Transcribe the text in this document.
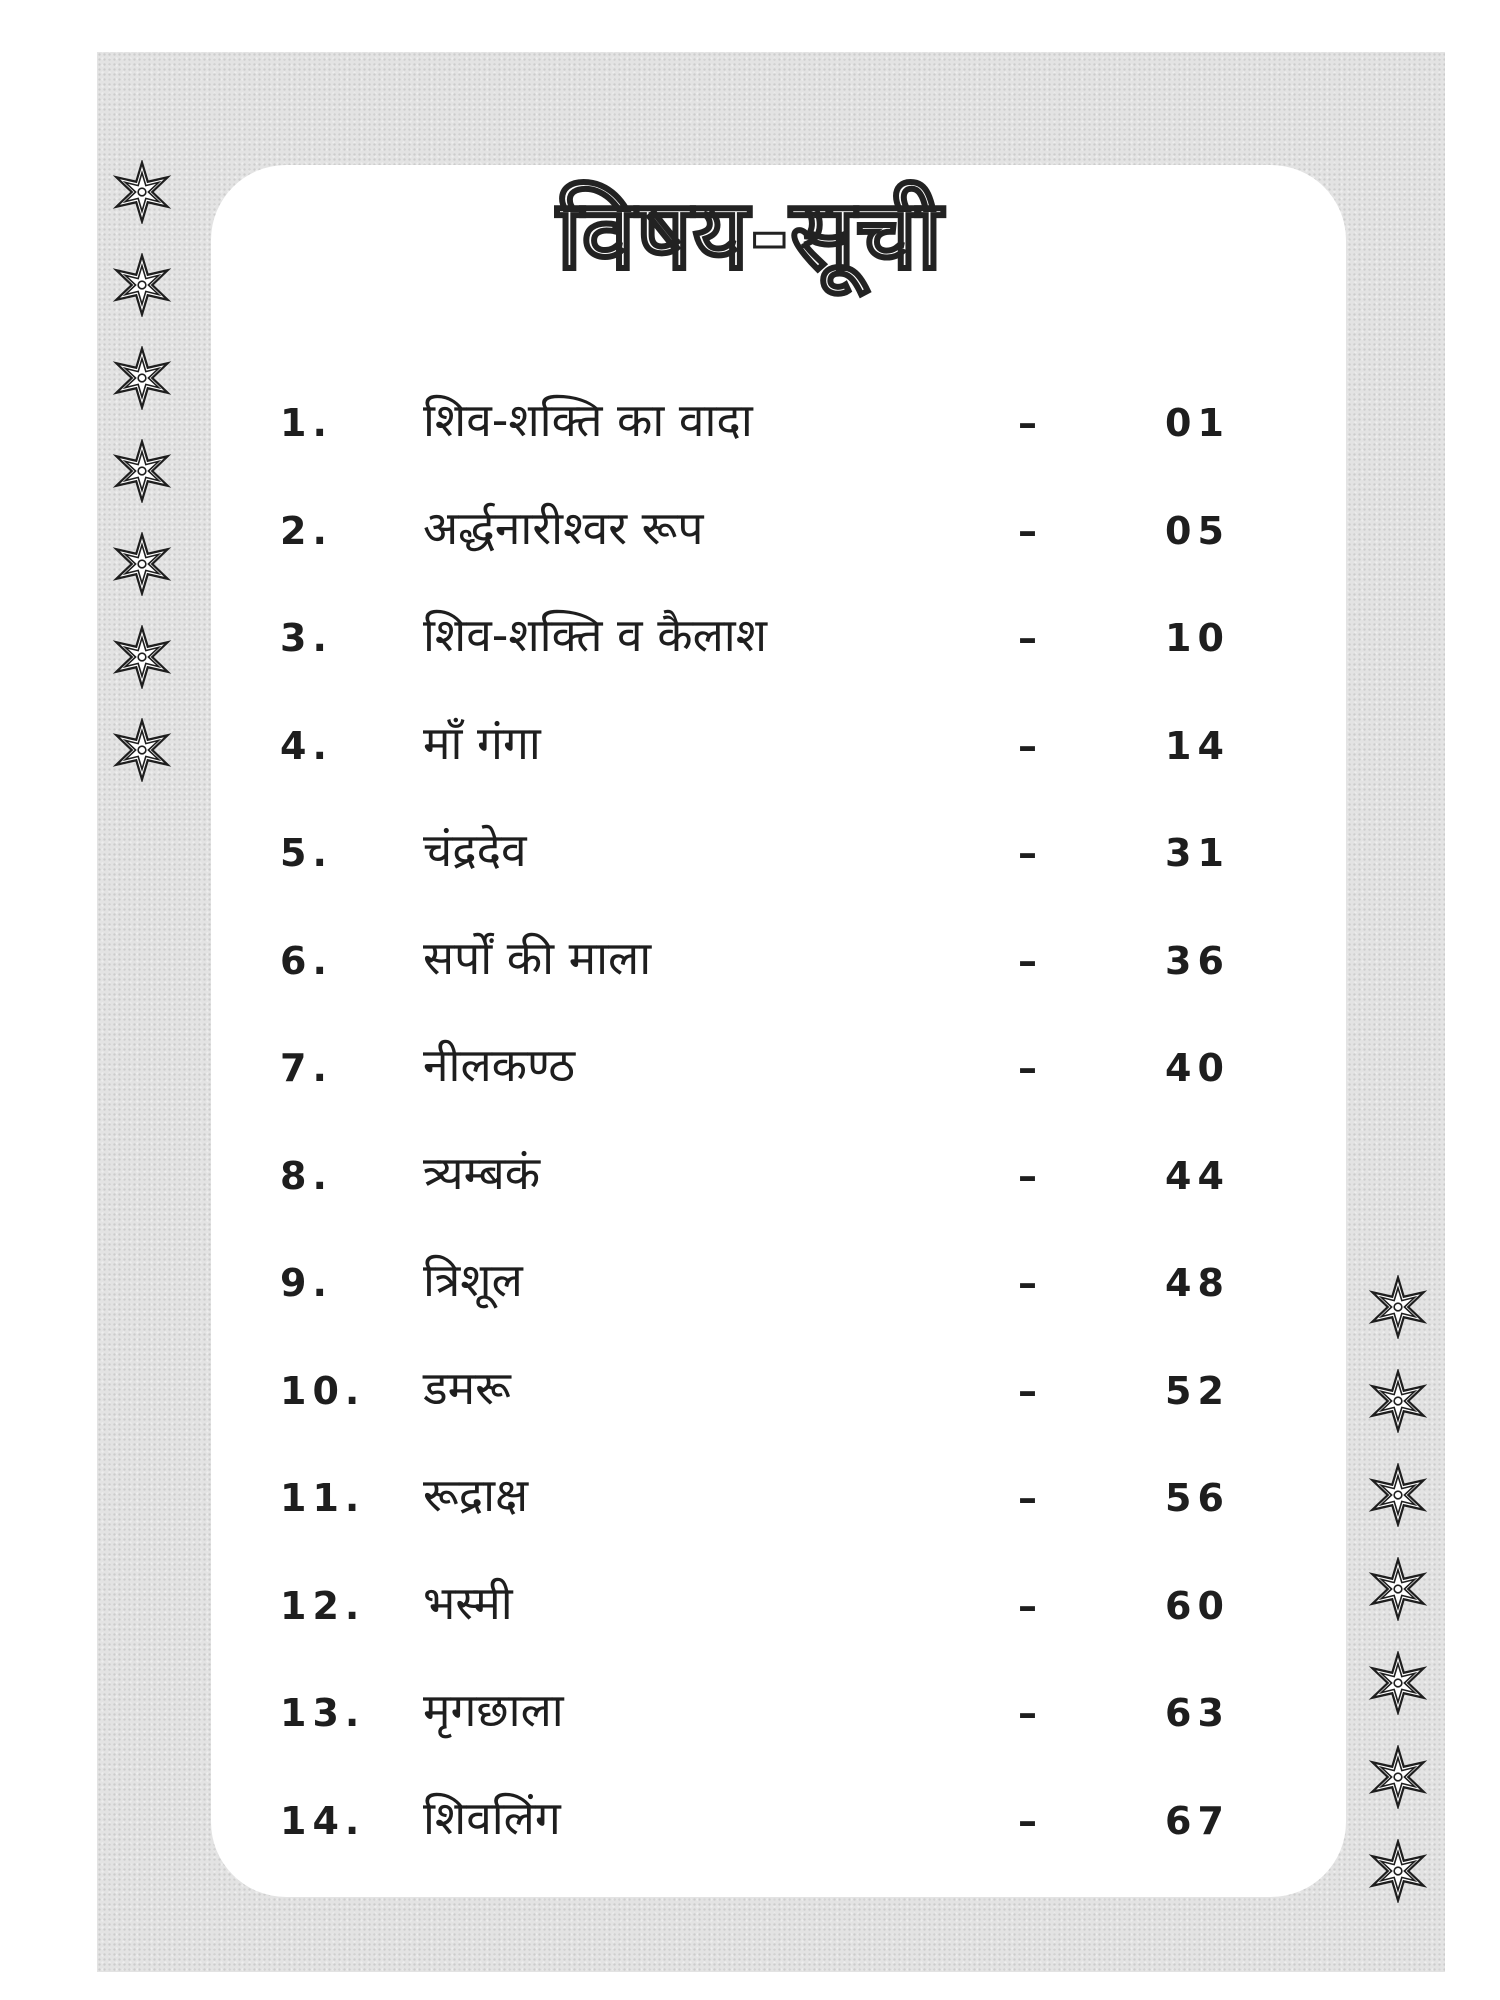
विषय-सूची
1. शिव-शक्ति का वादा	–	01
2. अर्द्धनारीश्वर रूप	–	05
3. शिव-शक्ति व कैलाश	–	10
4. माँ गंगा	–	14
5. चंद्रदेव	–	31
6. सर्पों की माला	–	36
7. नीलकण्ठ	–	40
8. त्र्यम्बकं	–	44
9. त्रिशूल	–	48
10. डमरू	–	52
11. रूद्राक्ष	–	56
12. भस्मी	–	60
13. मृगछाला	–	63
14. शिवलिंग	–	67
